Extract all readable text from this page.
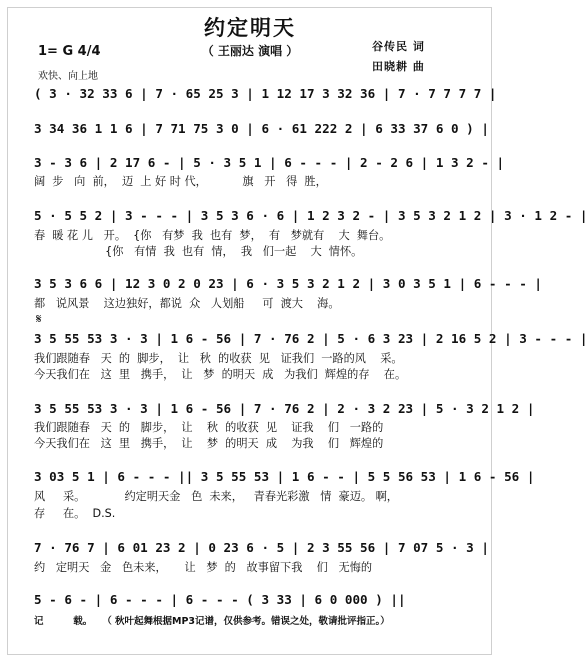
约定明天
（ 王丽达 演唱 ）
1= G 4/4
欢快、向上地
谷传民 词
田晓耕 曲
( 3 · 32 33 6 | 7 · 65 25 3 | 1 12 17 3 32 36 | 7 · 7 7 7 7 |
3 34 36 1 1 6 | 7 71 75 3 0 | 6 · 61 222 2 | 6 33 37 6 0 ) |
3 - 3 6 | 2 17 6 - | 5 · 3 5 1 | 6 - - - | 2 - 2 6 | 1 3 2 - |
阔  步   向  前，  迈  上 好 时 代，          旗   开   得  胜，
5 · 5 5 2 | 3 - - - | 3 5 3 6 · 6 | 1 2 3 2 - | 3 5 3 2 1 2 | 3 · 1 2 - |
春  暖 花 儿   开。  {你   有梦  我  也有  梦，  有   梦就有    大  舞台。
{你   有情  我  也有  情，  我   们一起    大  情怀。
3 5 3 6 6 | 12 3 0 2 0 23 | 6 · 3 5 3 2 1 2 | 3 0 3 5 1 | 6 - - - |
都   说风景    这边独好，都说  众   人划船     可  渡大    海。
𝄋
3 5 55 53 3 · 3 | 1 6 - 56 | 7 · 76 2 | 5 · 6 3 23 | 2 16 5 2 | 3 - - - |
我们跟随春   天  的  脚步，  让   秋  的收获  见   证我们  一路的风    采。
今天我们在   这  里   携手，  让   梦  的明天  成   为我们  辉煌的存    在。
3 5 55 53 3 · 3 | 1 6 - 56 | 7 · 76 2 | 2 · 3 2 23 | 5 · 3 2 1 2 |
我们跟随春   天  的   脚步，  让    秋  的收获  见    证我    们   一路的
今天我们在   这  里   携手，  让    梦  的明天  成    为我    们   辉煌的
3 03 5 1 | 6 - - - || 3 5 55 53 | 1 6 - - | 5 5 56 53 | 1 6 - 56 |
风     采。           约定明天金   色  未来，   青春光彩激   情  豪迈。 啊，
存     在。  D.S.
7 · 76 7 | 6 01 23 2 | 0 23 6 · 5 | 2 3 55 56 | 7 07 5 · 3 |
约   定明天   金   色未来，     让   梦  的   故事留下我    们   无悔的
5 - 6 - | 6 - - - | 6 - - - ( 3 33 | 6 0 000 ) ||
记         载。   （ 秋叶起舞根据MP3记谱，仅供参考。错误之处，敬请批评指正。）
